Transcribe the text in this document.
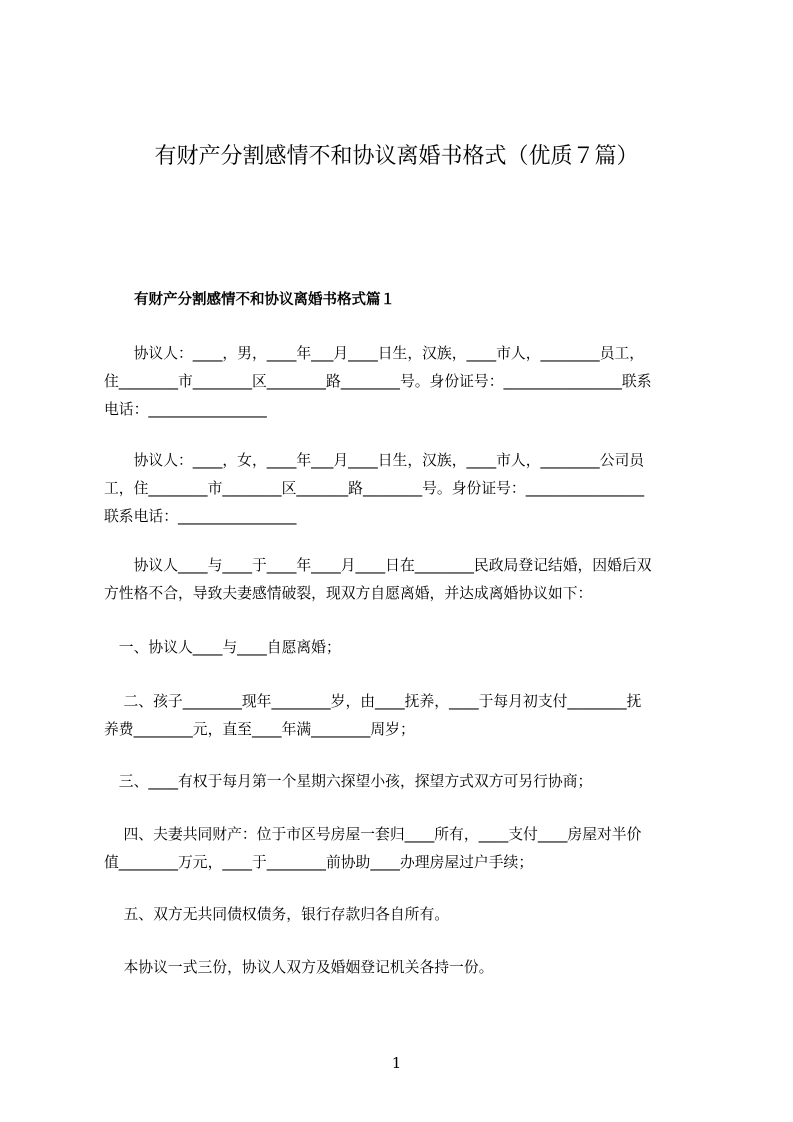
有财产分割感情不和协议离婚书格式（优质７篇）
有财产分割感情不和协议离婚书格式篇１
　　协议人：____，男，____年___月____日生，汉族，____市人，________员工，
住________市________区________路________号。身份证号：________________联系
电话：________________
　　协议人：____，女，____年___月____日生，汉族，____市人，________公司员
工，住________市________区_______路________号。身份证号：________________
联系电话：________________
　　协议人____与____于____年____月____日在________民政局登记结婚，因婚后双
方性格不合，导致夫妻感情破裂，现双方自愿离婚，并达成离婚协议如下：
　一、协议人____与____自愿离婚；
　 二、孩子________现年________岁，由____抚养，____于每月初支付________抚
养费________元，直至____年满________周岁；
　三、____有权于每月第一个星期六探望小孩，探望方式双方可另行协商；
　 四、夫妻共同财产：位于市区号房屋一套归____所有，____支付____房屋对半价
值________万元，____于________前协助____办理房屋过户手续；
　 五、双方无共同债权债务，银行存款归各自所有。
　 本协议一式三份，协议人双方及婚姻登记机关各持一份。
1
